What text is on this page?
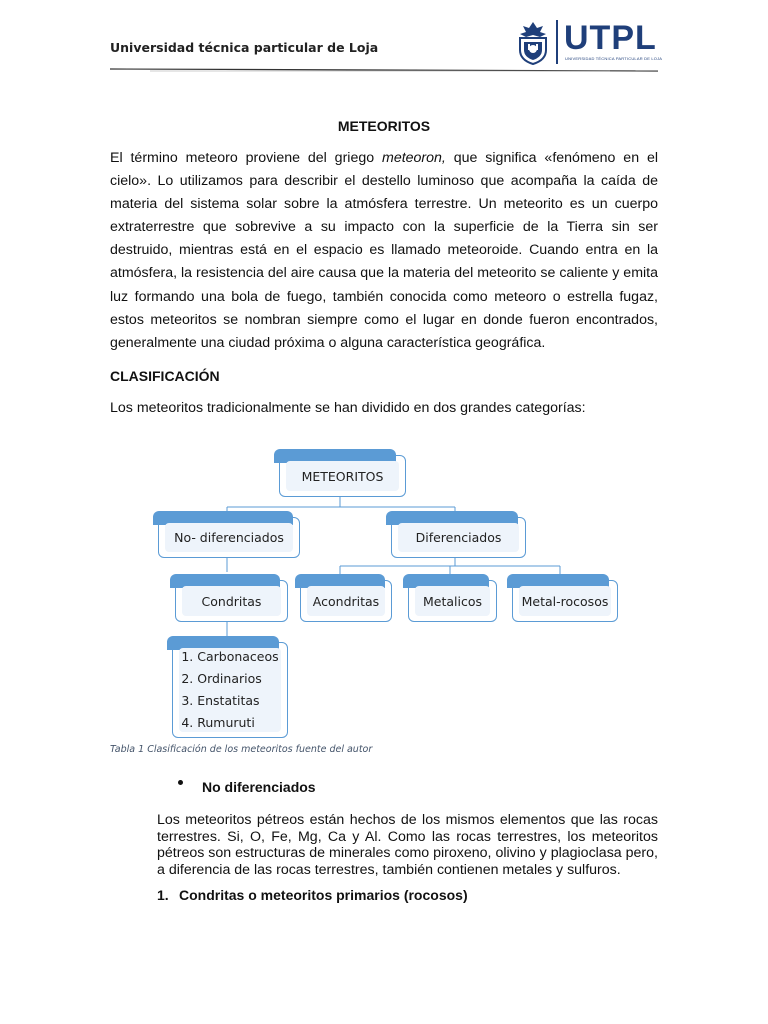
Universidad técnica particular de Loja	UTPL
UNIVERSIDAD TÉCNICA PARTICULAR DE LOJA
METEORITOS
El término meteoro proviene del griego meteoron, que significa «fenómeno en el cielo». Lo utilizamos para describir el destello luminoso que acompaña la caída de materia del sistema solar sobre la atmósfera terrestre. Un meteorito es un cuerpo extraterrestre que sobrevive a su impacto con la superficie de la Tierra sin ser destruido, mientras está en el espacio es llamado meteoroide. Cuando entra en la atmósfera, la resistencia del aire causa que la materia del meteorito se caliente y emita luz formando una bola de fuego, también conocida como meteoro o estrella fugaz, estos meteoritos se nombran siempre como el lugar en donde fueron encontrados, generalmente una ciudad próxima o alguna característica geográfica.
CLASIFICACIÓN
Los meteoritos tradicionalmente se han dividido en dos grandes categorías:
METEORITOS
No- diferenciados	Diferenciados
Condritas	Acondritas	Metalicos	Metal-rocosos
1. Carbonaceos
2. Ordinarios
3. Enstatitas
4. Rumuruti
Tabla 1 Clasificación de los meteoritos fuente del autor
No diferenciados
Los meteoritos pétreos están hechos de los mismos elementos que las rocas terrestres. Si, O, Fe, Mg, Ca y Al. Como las rocas terrestres, los meteoritos pétreos son estructuras de minerales como piroxeno, olivino y plagioclasa pero, a diferencia de las rocas terrestres, también contienen metales y sulfuros.
1. Condritas o meteoritos primarios (rocosos)
